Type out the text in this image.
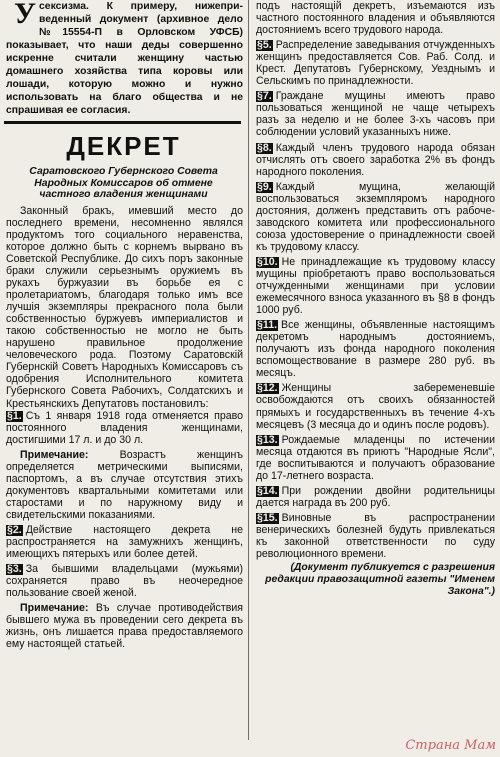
У сексизма. К примеру, нижепри-веденный документ (архивное дело №15554-П в Орловском УФСБ) показывает, что наши деды совершенно искренне считали женщину частью домашнего хозяйства типа коровы или лошади, которую можно и нужно использовать на благо общества и не спрашивая ее согласия.

ДЕКРЕТ
Саратовского Губернского Совета Народных Комиссаров об отмене частного владения женщинами

Законный бракъ, имевший место до последнего времени, несомненно являлся продуктомъ того социального неравенства, которое должно быть с корнемъ вырвано въ Советской Республике. До сихъ поръ законные браки служили серьезнымъ оружиемъ въ рукахъ буржуазии въ борьбе ея с пролетариатомъ, благодаря только имъ все лучшiя экземпляры прекрасного пола были собственностью буржуевъ империалистов и такою собственностью не могло не быть нарушено правильное продолжение человеческого рода. Поэтому Саратовскiй Губернскiй Советъ Народныхъ Комиссаровъ съ одобрения Исполнительного комитета Губернского Совета Рабочихъ, Солдатскихъ и Крестьянскихъ Депутатовъ постановилъ:

§1. Съ 1 января 1918 года отменяется право постоянного владения женщинами, достигшими 17 л. и до 30 л.

Примечание:	Возрастъ женщинъ определяется метрическими выписями, паспортомъ, а въ случае отсутствия этихъ документовъ квартальными комитетами или старостами и по наружному виду и свидетельскими показаниями.

§2. Действие настоящего декрета не распространяется на замужнихъ женщинъ, имеющихъ пятерыхъ или более детей.

§3. За бывшими владельцами (мужьями) сохраняется право въ неочередное пользование своей женой.

Примечание: Въ случае противодействия бывшего мужа въ проведении сего декрета въ жизнь, онъ лишается права предоставляемого ему настоящей статьей.

подъ настоящiй декретъ, изъемаются изъ частного постоянного владения и объявляются достояниемъ всего трудового народа.

§5. Распределение заведывания отчужденныхъ женщинъ предоставляется Сов. Раб. Солд. и Крест. Депутатовъ Губернскому, Уезднымъ и Сельскимъ по принадлежности.

§7. Граждане мущины имеютъ право пользоваться женщиной не чаще четырехъ разъ за неделю и не более 3-хъ часовъ при соблюдении условий указанныхъ ниже.

§8. Каждый членъ трудового народа обязан отчислять отъ своего заработка 2% въ фондъ народного поколения.

§9. Каждый мущина, желающiй воспользоваться экземпляромъ народного достояния, долженъ представить отъ рабоче-заводского комитета или профессионального союза удостоверение о принадлежности своей къ трудовому классу.

§10. Не принадлежащие къ трудовому классу мущины прiобретаютъ право воспользоваться отчужденными женщинами при условии ежемесячного взноса указанного въ §8 в фондъ 1000 руб.

§11. Все женщины, объявленные настоящимъ декретомъ народнымъ достояниемъ, получаютъ изъ фонда народного поколения вспомоществование в размере 280 руб. въ месяцъ.

§12. Женщины забеременевшiе освобождаются отъ своихъ обязанностей прямыхъ и государственныхъ въ течение 4-хъ месяцевъ (3 месяца до и одинъ после родовъ).

§13. Рождаемые младенцы по истечении месяца отдаются въ приютъ "Народные Ясли", где воспитываются и получаютъ образование до 17-летнего возраста.

§14. При рождении двойни родительницы дается награда въ 200 руб.

§15. Виновные въ распространении венерическихъ болезней будуть привлекаться къ законной ответственности по суду революционного времени.

(Документ публикуется с разрешения редакции правозащитной газеты "Именем Закона".)
Страна Мам
